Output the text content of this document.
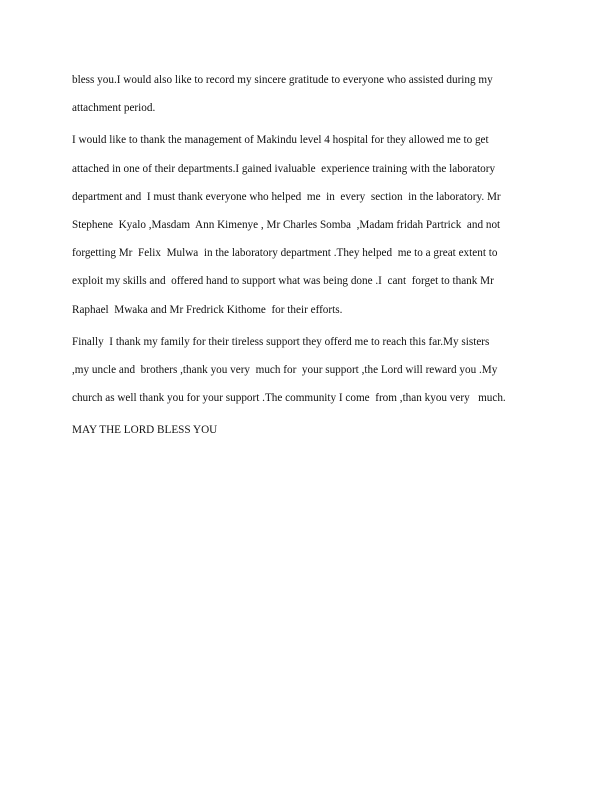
bless you.I would also like to record my sincere gratitude to everyone who assisted during my
attachment period.

I would like to thank the management of Makindu level 4 hospital for they allowed me to get
attached in one of their departments.I gained ivaluable  experience training with the laboratory
department and  I must thank everyone who helped  me  in  every  section  in the laboratory. Mr
Stephene  Kyalo ,Masdam  Ann Kimenye , Mr Charles Somba  ,Madam fridah Partrick  and not
forgetting Mr  Felix  Mulwa  in the laboratory department .They helped  me to a great extent to
exploit my skills and  offered hand to support what was being done .I  cant  forget to thank Mr
Raphael  Mwaka and Mr Fredrick Kithome  for their efforts.

Finally  I thank my family for their tireless support they offerd me to reach this far.My sisters
,my uncle and  brothers ,thank you very  much for  your support ,the Lord will reward you .My
church as well thank you for your support .The community I come  from ,than kyou very   much.

MAY THE LORD BLESS YOU
